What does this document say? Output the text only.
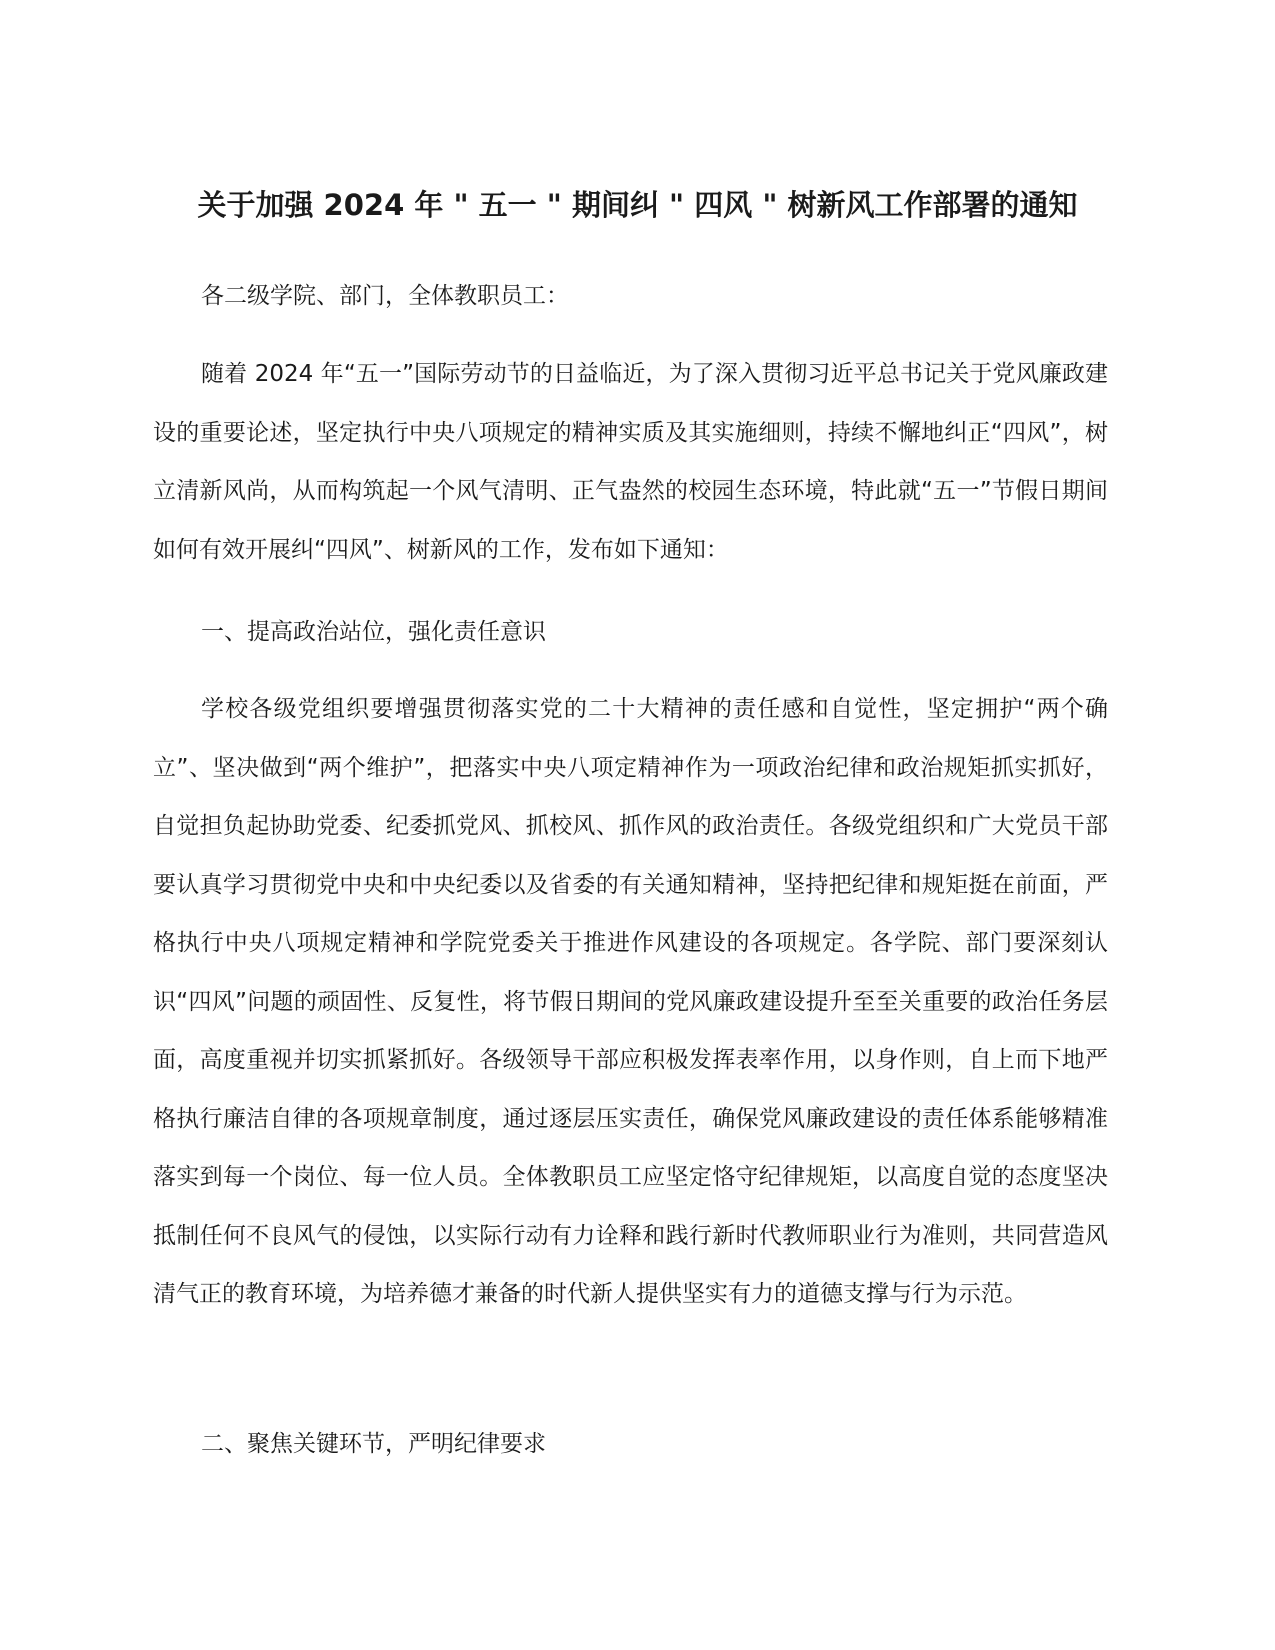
关于加强 2024 年 " 五一 " 期间纠 " 四风 " 树新风工作部署的通知

各二级学院、部门，全体教职员工：

随着 2024 年“五一”国际劳动节的日益临近，为了深入贯彻习近平总书记关于党风廉政建设的重要论述，坚定执行中央八项规定的精神实质及其实施细则，持续不懈地纠正“四风”，树立清新风尚，从而构筑起一个风气清明、正气盎然的校园生态环境，特此就“五一”节假日期间如何有效开展纠“四风”、树新风的工作，发布如下通知：

一、提高政治站位，强化责任意识

学校各级党组织要增强贯彻落实党的二十大精神的责任感和自觉性，坚定拥护“两个确立”、坚决做到“两个维护”，把落实中央八项定精神作为一项政治纪律和政治规矩抓实抓好，自觉担负起协助党委、纪委抓党风、抓校风、抓作风的政治责任。各级党组织和广大党员干部要认真学习贯彻党中央和中央纪委以及省委的有关通知精神，坚持把纪律和规矩挺在前面，严格执行中央八项规定精神和学院党委关于推进作风建设的各项规定。各学院、部门要深刻认识“四风”问题的顽固性、反复性，将节假日期间的党风廉政建设提升至至关重要的政治任务层面，高度重视并切实抓紧抓好。各级领导干部应积极发挥表率作用，以身作则，自上而下地严格执行廉洁自律的各项规章制度，通过逐层压实责任，确保党风廉政建设的责任体系能够精准落实到每一个岗位、每一位人员。全体教职员工应坚定恪守纪律规矩，以高度自觉的态度坚决抵制任何不良风气的侵蚀，以实际行动有力诠释和践行新时代教师职业行为准则，共同营造风清气正的教育环境，为培养德才兼备的时代新人提供坚实有力的道德支撑与行为示范。

二、聚焦关键环节，严明纪律要求
